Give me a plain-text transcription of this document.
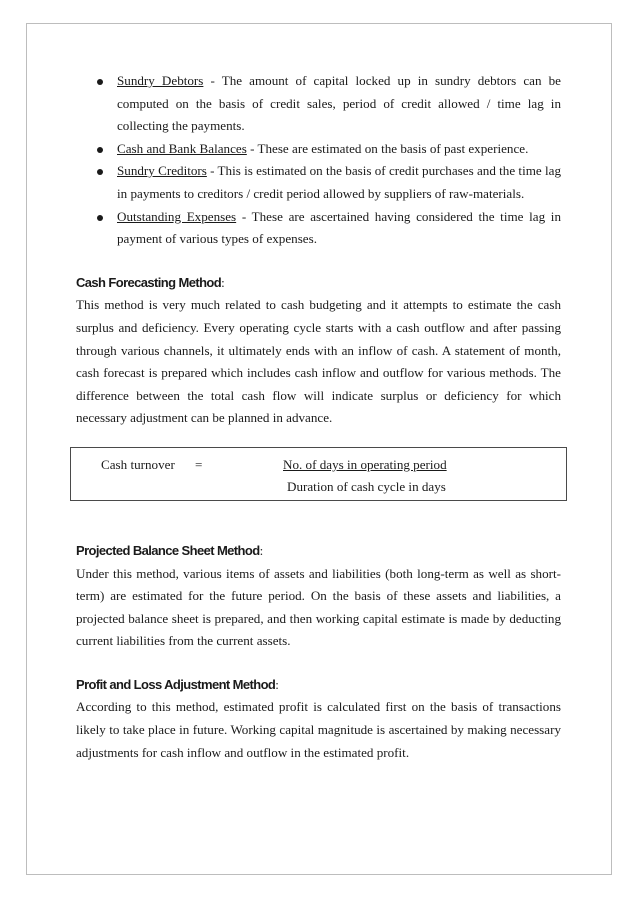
Sundry Debtors - The amount of capital locked up in sundry debtors can be computed on the basis of credit sales, period of credit allowed / time lag in collecting the payments.
Cash and Bank Balances - These are estimated on the basis of past experience.
Sundry Creditors - This is estimated on the basis of credit purchases and the time lag in payments to creditors / credit period allowed by suppliers of raw-materials.
Outstanding Expenses - These are ascertained having considered the time lag in payment of various types of expenses.
Cash Forecasting Method:

This method is very much related to cash budgeting and it attempts to estimate the cash surplus and deficiency. Every operating cycle starts with a cash outflow and after passing through various channels, it ultimately ends with an inflow of cash. A statement of month, cash forecast is prepared which includes cash inflow and outflow for various methods. The difference between the total cash flow will indicate surplus or deficiency for which necessary adjustment can be planned in advance.

Cash turnover =	No. of days in operating period
Duration of cash cycle in days
Projected Balance Sheet Method:

Under this method, various items of assets and liabilities (both long-term as well as short-term) are estimated for the future period. On the basis of these assets and liabilities, a projected balance sheet is prepared, and then working capital estimate is made by deducting current liabilities from the current assets.

Profit and Loss Adjustment Method:

According to this method, estimated profit is calculated first on the basis of transactions likely to take place in future. Working capital magnitude is ascertained by making necessary adjustments for cash inflow and outflow in the estimated profit.
